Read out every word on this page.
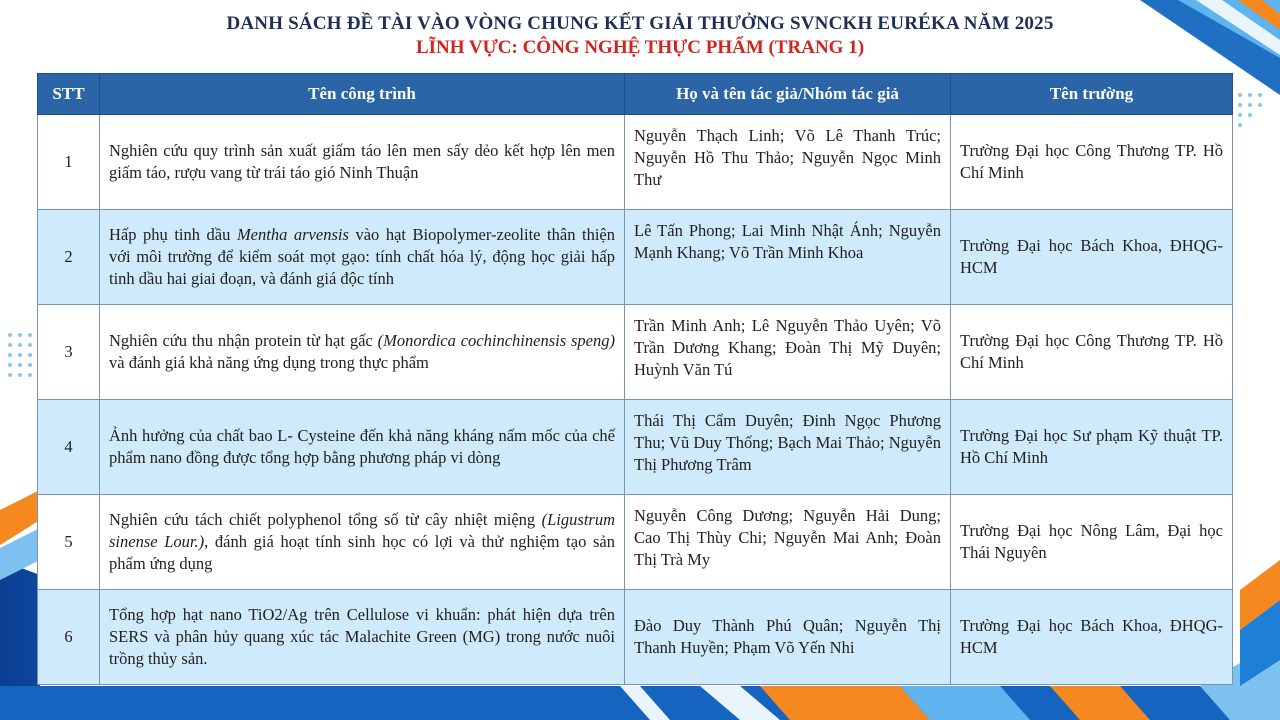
DANH SÁCH ĐỀ TÀI VÀO VÒNG CHUNG KẾT GIẢI THƯỞNG SVNCKH EURÉKA NĂM 2025
LĨNH VỰC: CÔNG NGHỆ THỰC PHẨM (TRANG 1)
STT	Tên công trình	Họ và tên tác giả/Nhóm tác giả	Tên trường
1	Nghiên cứu quy trình sản xuất giấm táo lên men sấy dẻo kết hợp lên men giấm táo, rượu vang từ trái táo gió Ninh Thuận	Nguyễn Thạch Linh; Võ Lê Thanh Trúc; Nguyễn Hồ Thu Thảo; Nguyễn Ngọc Minh Thư	Trường Đại học Công Thương TP. Hồ Chí Minh
2	Hấp phụ tinh dầu Mentha arvensis vào hạt Biopolymer-zeolite thân thiện với môi trường để kiểm soát mọt gạo: tính chất hóa lý, động học giải hấp tinh dầu hai giai đoạn, và đánh giá độc tính	Lê Tấn Phong; Lai Minh Nhật Ánh; Nguyễn Mạnh Khang; Võ Trần Minh Khoa	Trường Đại học Bách Khoa, ĐHQG-HCM
3	Nghiên cứu thu nhận protein từ hạt gấc (Monordica cochinchinensis speng) và đánh giá khả năng ứng dụng trong thực phẩm	Trần Minh Anh; Lê Nguyễn Thảo Uyên; Võ Trần Dương Khang; Đoàn Thị Mỹ Duyên; Huỳnh Văn Tú	Trường Đại học Công Thương TP. Hồ Chí Minh
4	Ảnh hưởng của chất bao L- Cysteine đến khả năng kháng nấm mốc của chế phẩm nano đồng được tổng hợp bằng phương pháp vi dòng	Thái Thị Cẩm Duyên; Đinh Ngọc Phương Thu; Vũ Duy Thống; Bạch Mai Thảo; Nguyễn Thị Phương Trâm	Trường Đại học Sư phạm Kỹ thuật TP. Hồ Chí Minh
5	Nghiên cứu tách chiết polyphenol tổng số từ cây nhiệt miệng (Ligustrum sinense Lour.), đánh giá hoạt tính sinh học có lợi và thử nghiệm tạo sản phẩm ứng dụng	Nguyễn Công Dương; Nguyễn Hải Dung; Cao Thị Thùy Chi; Nguyễn Mai Anh; Đoàn Thị Trà My	Trường Đại học Nông Lâm, Đại học Thái Nguyên
6	Tổng hợp hạt nano TiO2/Ag trên Cellulose vi khuẩn: phát hiện dựa trên SERS và phân hủy quang xúc tác Malachite Green (MG) trong nước nuôi trồng thủy sản.	Đào Duy Thành Phú Quân; Nguyễn Thị Thanh Huyền; Phạm Võ Yến Nhi	Trường Đại học Bách Khoa, ĐHQG-HCM
